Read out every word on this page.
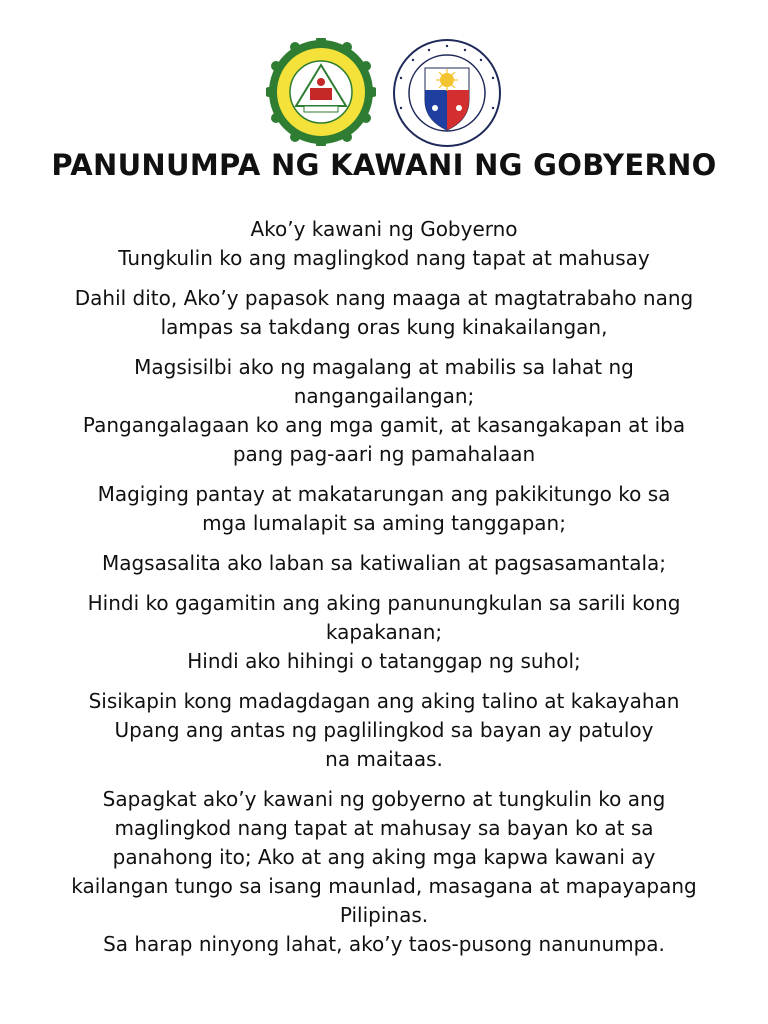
PANUNUMPA NG KAWANI NG GOBYERNO

Ako’y kawani ng Gobyerno
Tungkulin ko ang maglingkod nang tapat at mahusay

Dahil dito, Ako’y papasok nang maaga at magtatrabaho nang
lampas sa takdang oras kung kinakailangan,

Magsisilbi ako ng magalang at mabilis sa lahat ng
nangangailangan;
Pangangalagaan ko ang mga gamit, at kasangakapan at iba
pang pag-aari ng pamahalaan

Magiging pantay at makatarungan ang pakikitungo ko sa
mga lumalapit sa aming tanggapan;

Magsasalita ako laban sa katiwalian at pagsasamantala;

Hindi ko gagamitin ang aking panunungkulan sa sarili kong
kapakanan;
Hindi ako hihingi o tatanggap ng suhol;

Sisikapin kong madagdagan ang aking talino at kakayahan
Upang ang antas ng paglilingkod sa bayan ay patuloy
na maitaas.

Sapagkat ako’y kawani ng gobyerno at tungkulin ko ang
maglingkod nang tapat at mahusay sa bayan ko at sa
panahong ito; Ako at ang aking mga kapwa kawani ay
kailangan tungo sa isang maunlad, masagana at mapayapang
Pilipinas.
Sa harap ninyong lahat, ako’y taos-pusong nanunumpa.
